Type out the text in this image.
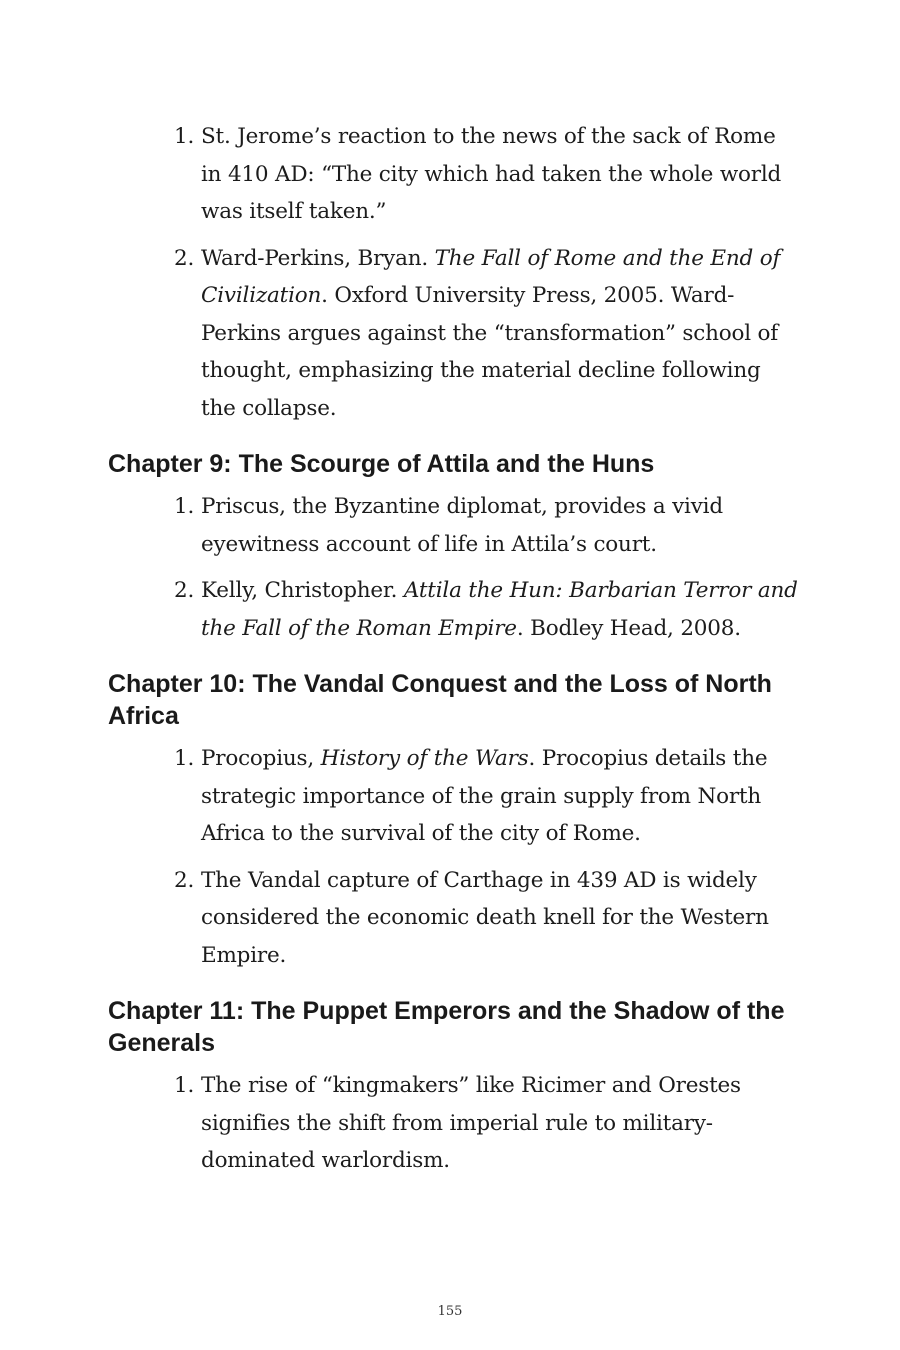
1. St. Jerome’s reaction to the news of the sack of Rome in 410 AD: “The city which had taken the whole world was itself taken.”
2. Ward-Perkins, Bryan. The Fall of Rome and the End of Civilization. Oxford University Press, 2005. Ward-Perkins argues against the “transformation” school of thought, emphasizing the material decline following the collapse.
Chapter 9: The Scourge of Attila and the Huns
1. Priscus, the Byzantine diplomat, provides a vivid eyewitness account of life in Attila’s court.
2. Kelly, Christopher. Attila the Hun: Barbarian Terror and the Fall of the Roman Empire. Bodley Head, 2008.
Chapter 10: The Vandal Conquest and the Loss of North Africa
1. Procopius, History of the Wars. Procopius details the strategic importance of the grain supply from North Africa to the survival of the city of Rome.
2. The Vandal capture of Carthage in 439 AD is widely considered the economic death knell for the Western Empire.
Chapter 11: The Puppet Emperors and the Shadow of the Generals
1. The rise of “kingmakers” like Ricimer and Orestes signifies the shift from imperial rule to military-dominated warlordism.
155
